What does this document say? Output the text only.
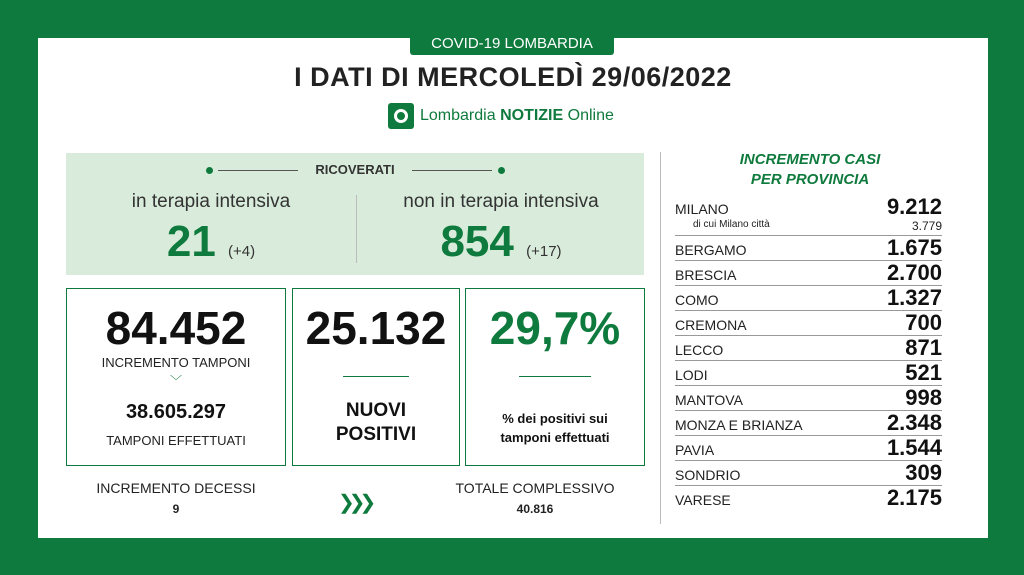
COVID-19 LOMBARDIA
I DATI DI MERCOLEDÌ 29/06/2022
Lombardia NOTIZIE Online
RICOVERATI
in terapia intensiva
21 (+4)
non in terapia intensiva
854 (+17)
84.452
INCREMENTO TAMPONI
﹀
38.605.297
TAMPONI EFFETTUATI
25.132
NUOVI
POSITIVI
29,7%
% dei positivi sui
tamponi effettuati
INCREMENTO DECESSI
9	❯❯❯
TOTALE COMPLESSIVO
40.816
INCREMENTO CASI
PER PROVINCIA
MILANO	9.212
di cui Milano città	3.779
BERGAMO	1.675
BRESCIA	2.700
COMO	1.327
CREMONA	700
LECCO	871
LODI	521
MANTOVA	998
MONZA E BRIANZA	2.348
PAVIA	1.544
SONDRIO	309
VARESE	2.175
